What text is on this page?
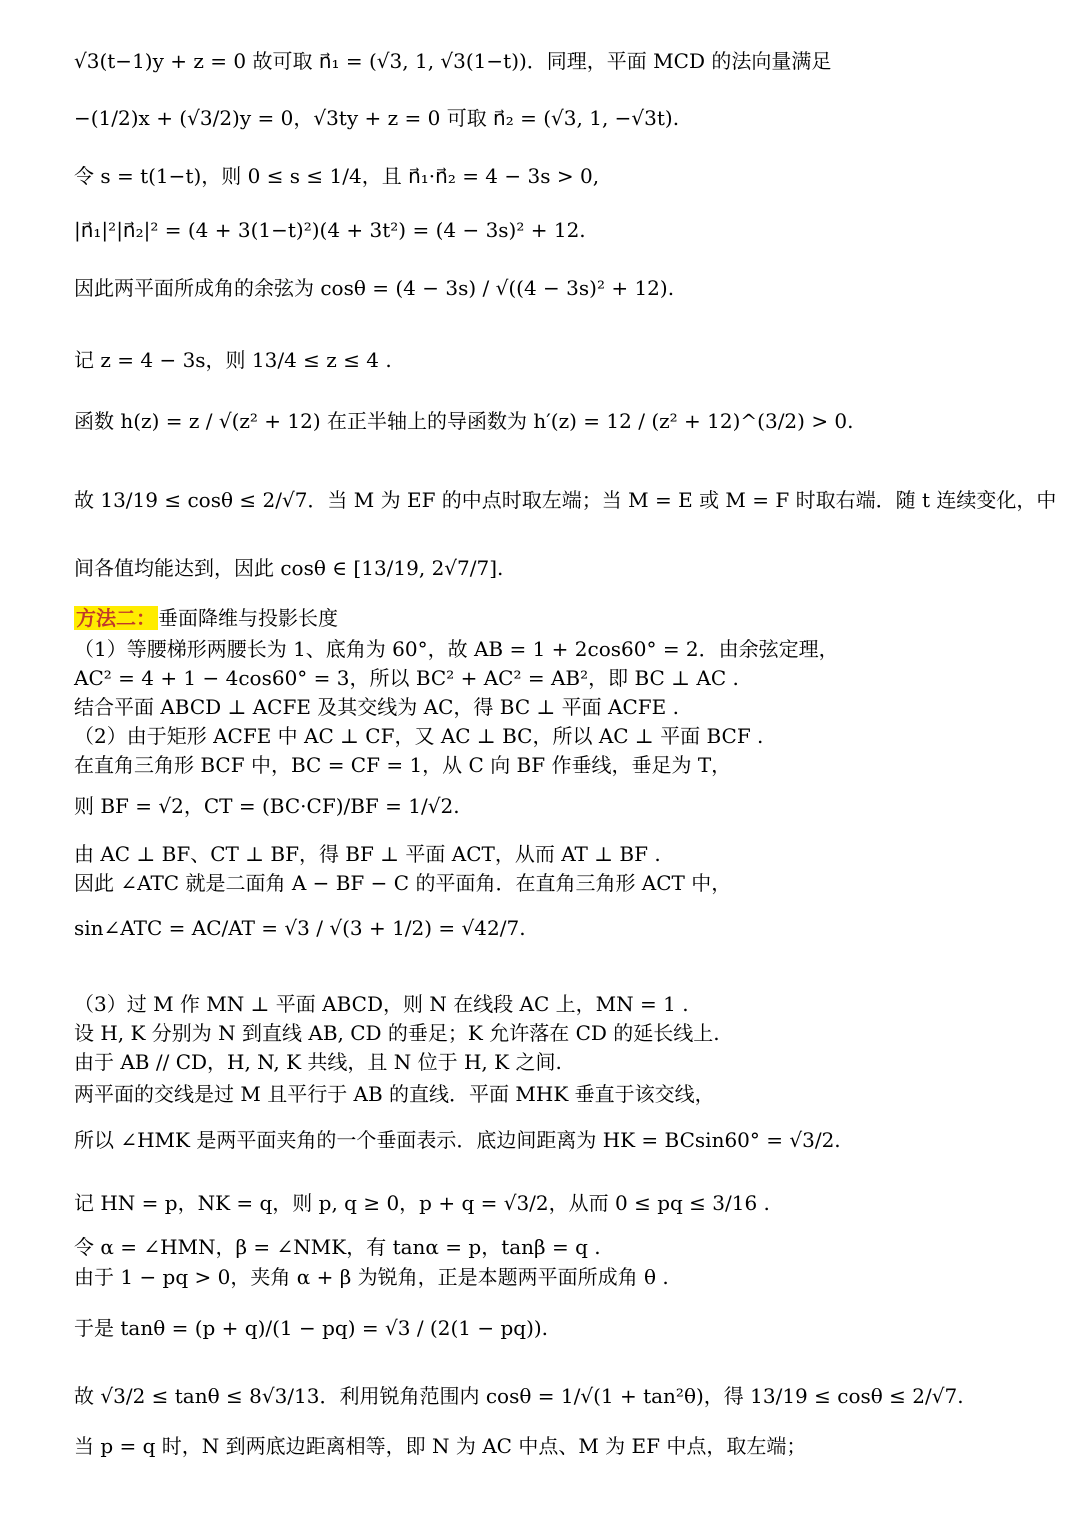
√3(t−1)y + z = 0 故可取 n⃗₁ = (√3, 1, √3(1−t))．同理，平面 MCD 的法向量满足
−(1/2)x + (√3/2)y = 0，√3ty + z = 0 可取 n⃗₂ = (√3, 1, −√3t).
令 s = t(1−t)，则 0 ≤ s ≤ 1/4，且 n⃗₁·n⃗₂ = 4 − 3s > 0,
|n⃗₁|²|n⃗₂|² = (4 + 3(1−t)²)(4 + 3t²) = (4 − 3s)² + 12.
因此两平面所成角的余弦为 cosθ = (4 − 3s) / √((4 − 3s)² + 12).
记 z = 4 − 3s，则 13/4 ≤ z ≤ 4 .
函数 h(z) = z / √(z² + 12) 在正半轴上的导函数为 h′(z) = 12 / (z² + 12)^(3/2) > 0.
故 13/19 ≤ cosθ ≤ 2/√7．当 M 为 EF 的中点时取左端；当 M = E 或 M = F 时取右端．随 t 连续变化，中
间各值均能达到，因此 cosθ ∈ [13/19, 2√7/7].
方法二： 垂面降维与投影长度
（1）等腰梯形两腰长为 1、底角为 60°，故 AB = 1 + 2cos60° = 2．由余弦定理，
AC² = 4 + 1 − 4cos60° = 3，所以 BC² + AC² = AB²，即 BC ⊥ AC .
结合平面 ABCD ⊥ ACFE 及其交线为 AC，得 BC ⊥ 平面 ACFE .
（2）由于矩形 ACFE 中 AC ⊥ CF，又 AC ⊥ BC，所以 AC ⊥ 平面 BCF .
在直角三角形 BCF 中，BC = CF = 1，从 C 向 BF 作垂线，垂足为 T，
则 BF = √2，CT = (BC·CF)/BF = 1/√2.
由 AC ⊥ BF、CT ⊥ BF，得 BF ⊥ 平面 ACT，从而 AT ⊥ BF .
因此 ∠ATC 就是二面角 A − BF − C 的平面角．在直角三角形 ACT 中，
sin∠ATC = AC/AT = √3 / √(3 + 1/2) = √42/7.
（3）过 M 作 MN ⊥ 平面 ABCD，则 N 在线段 AC 上，MN = 1 .
设 H, K 分别为 N 到直线 AB, CD 的垂足；K 允许落在 CD 的延长线上.
由于 AB // CD，H, N, K 共线，且 N 位于 H, K 之间.
两平面的交线是过 M 且平行于 AB 的直线．平面 MHK 垂直于该交线，
所以 ∠HMK 是两平面夹角的一个垂面表示．底边间距离为 HK = BCsin60° = √3/2.
记 HN = p，NK = q，则 p, q ≥ 0，p + q = √3/2，从而 0 ≤ pq ≤ 3/16 .
令 α = ∠HMN，β = ∠NMK，有 tanα = p，tanβ = q .
由于 1 − pq > 0，夹角 α + β 为锐角，正是本题两平面所成角 θ .
于是 tanθ = (p + q)/(1 − pq) = √3 / (2(1 − pq)).
故 √3/2 ≤ tanθ ≤ 8√3/13．利用锐角范围内 cosθ = 1/√(1 + tan²θ)，得 13/19 ≤ cosθ ≤ 2/√7.
当 p = q 时，N 到两底边距离相等，即 N 为 AC 中点、M 为 EF 中点，取左端；
